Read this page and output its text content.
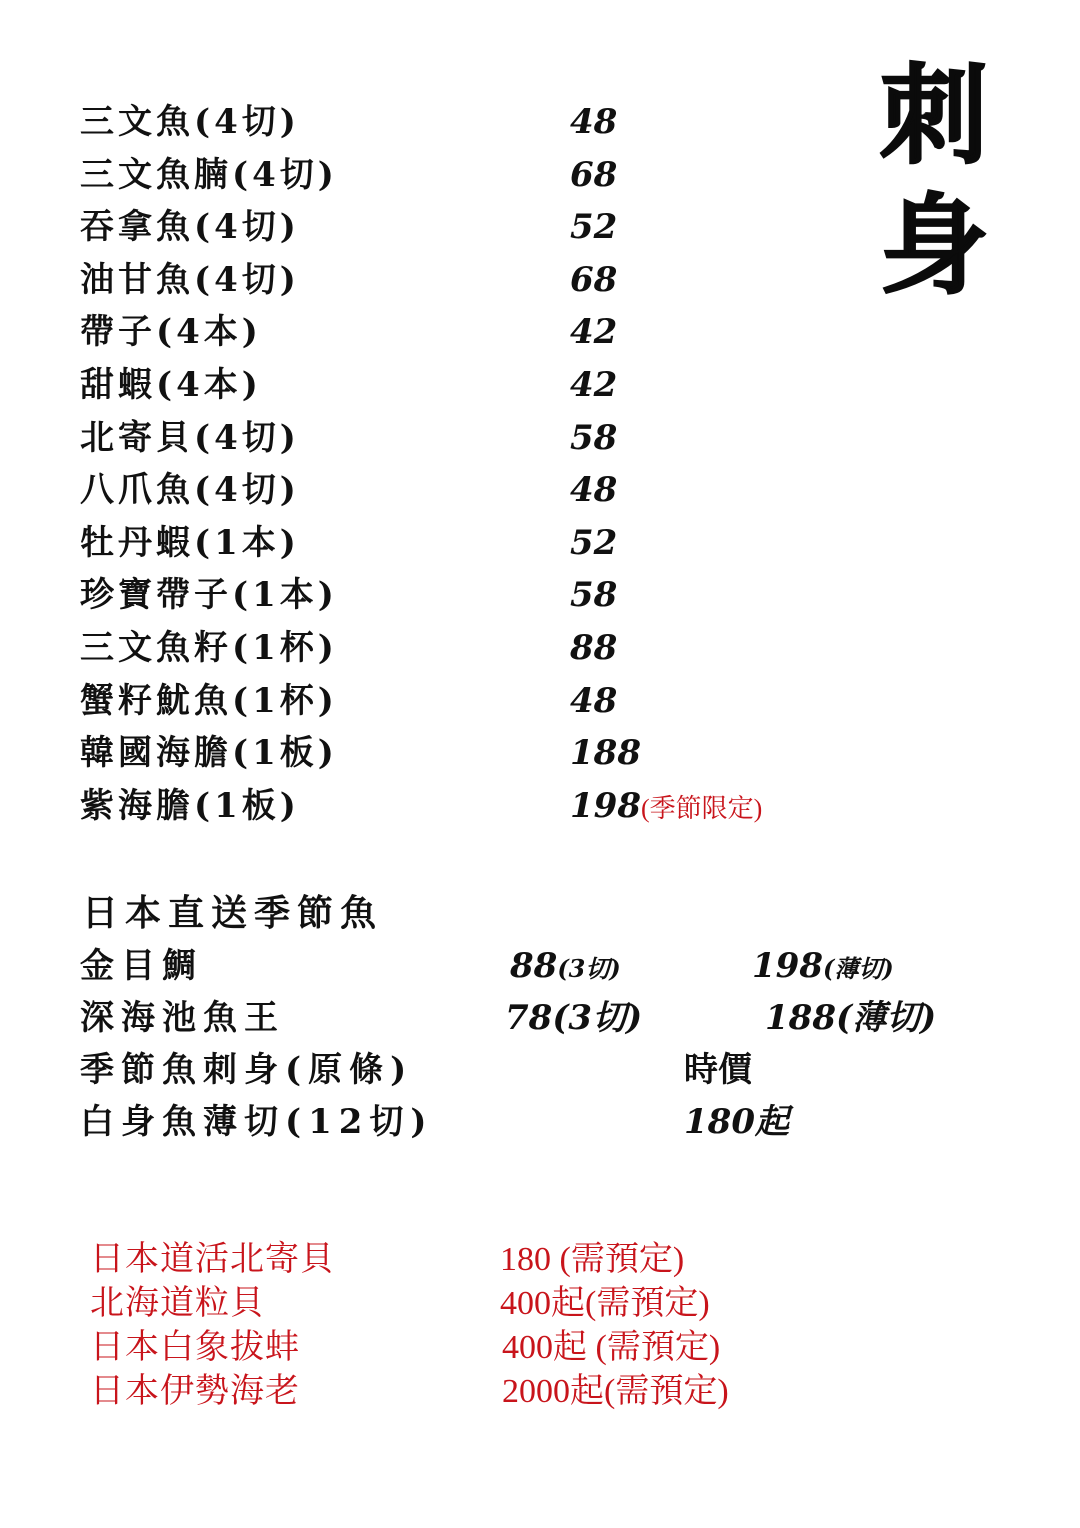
刺
身
三文魚(4切)	48
三文魚腩(4切)	68
吞拿魚(4切)	52
油甘魚(4切)	68
帶子(4本)	42
甜蝦(4本)	42
北寄貝(4切)	58
八爪魚(4切)	48
牡丹蝦(1本)	52
珍寶帶子(1本)	58
三文魚籽(1杯)	88
蟹籽魷魚(1杯)	48
韓國海膽(1板)	188
紫海膽(1板)	198(季節限定)
日本直送季節魚
金目鯛	88(3切)	198(薄切)
深海池魚王	78(3切)	188(薄切)
季節魚刺身(原條)	時價
白身魚薄切(12切)	180起
日本道活北寄貝	180 (需預定)
北海道粒貝	400起(需預定)
日本白象拔蚌	400起 (需預定)
日本伊勢海老	2000起(需預定)
